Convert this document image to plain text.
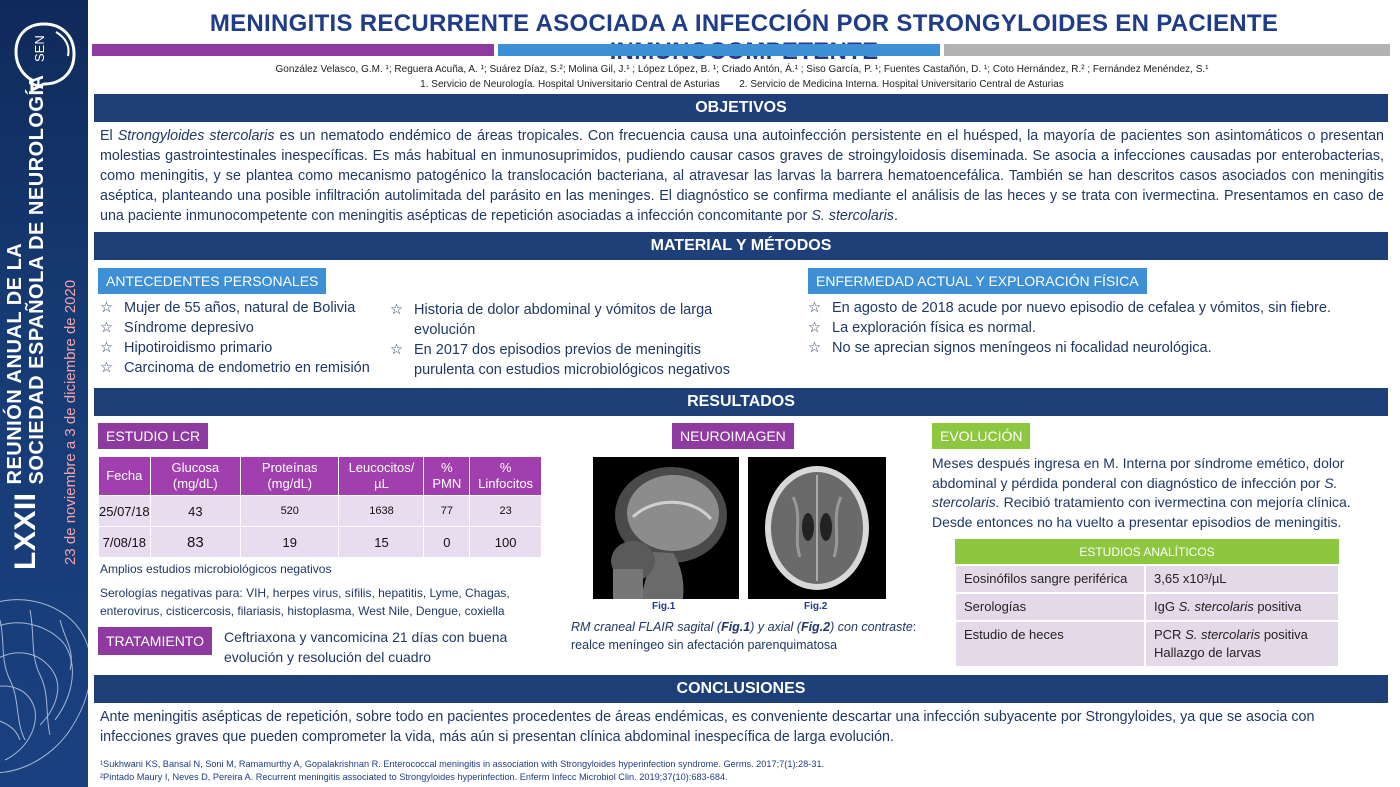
SEN
LXXII
REUNIÓN ANUAL DE LA SOCIEDAD ESPAÑOLA DE NEUROLOGÍA 23 de noviembre a 3 de diciembre de 2020
MENINGITIS RECURRENTE ASOCIADA A INFECCIÓN POR STRONGYLOIDES EN PACIENTE
González Velasco, G.M. ¹; Reguera Acuña, A. ¹; Suárez Díaz, S.²; Molina Gil, J.¹ ; López López, B. ¹; Criado Antón, Á.¹ ; Siso García, P. ¹; Fuentes Castañón, D. ¹; Coto Hernández, R.² ; Fernández Menéndez, S.¹
1. Servicio de Neurología. Hospital Universitario Central de Asturias       2. Servicio de Medicina Interna. Hospital Universitario Central de Asturias
OBJETIVOS

El Strongyloides stercolaris es un nematodo endémico de áreas tropicales. Con frecuencia causa una autoinfección persistente en el huésped, la mayoría de pacientes son asintomáticos o presentan molestias gastrointestinales inespecíficas. Es más habitual en inmunosuprimidos, pudiendo causar casos graves de stroingyloidosis diseminada. Se asocia a infecciones causadas por enterobacterias, como meningitis, y se plantea como mecanismo patogénico la translocación bacteriana, al atravesar las larvas la barrera hematoencefálica. También se han descritos casos asociados con meningitis aséptica, planteando una posible infiltración autolimitada del parásito en las meninges. El diagnóstico se confirma mediante el análisis de las heces y se trata con ivermectina. Presentamos en caso de una paciente inmunocompetente con meningitis asépticas de repetición asociadas a infección concomitante por S. stercolaris.

MATERIAL Y MÉTODOS
ANTECEDENTES PERSONALES
☆ Mujer de 55 años, natural de Bolivia
☆ Síndrome depresivo
☆ Hipotiroidismo primario
☆ Carcinoma de endometrio en remisión
☆ Historia de dolor abdominal y vómitos de larga evolución
☆ En 2017 dos episodios previos de meningitis purulenta con estudios microbiológicos negativos
ENFERMEDAD ACTUAL Y EXPLORACIÓN FÍSICA
☆ En agosto de 2018 acude por nuevo episodio de cefalea y vómitos, sin fiebre.
☆ La exploración física es normal.
☆ No se aprecian signos meníngeos ni focalidad neurológica.
RESULTADOS
ESTUDIO LCR
Fecha	Glucosa (mg/dL)	Proteínas (mg/dL)	Leucocitos/ µL	% PMN	% Linfocitos
25/07/18	43	520	1638	77	23
7/08/18	83	19	15	0	100
Amplios estudios microbiológicos negativos
Serologías negativas para: VIH, herpes virus, sífilis, hepatitis, Lyme, Chagas, enterovirus, cisticercosis, filariasis, histoplasma, West Nile, Dengue, coxiella
TRATAMIENTO	Ceftriaxona y vancomicina 21 días con buena evolución y resolución del cuadro
NEUROIMAGEN
Fig.1	Fig.2
RM craneal FLAIR sagital (Fig.1) y axial (Fig.2) con contraste: realce meníngeo sin afectación parenquimatosa
EVOLUCIÓN

Meses después ingresa en M. Interna por síndrome emético, dolor abdominal y pérdida ponderal con diagnóstico de infección por S. stercolaris. Recibió tratamiento con ivermectina con mejoría clínica. Desde entonces no ha vuelto a presentar episodios de meningitis.

ESTUDIOS ANALÍTICOS	
Eosinófilos sangre periférica	3,65 x10³/µL
Serologías	IgG S. stercolaris positiva
Estudio de heces	PCR S. stercolaris positiva
Hallazgo de larvas
CONCLUSIONES

Ante meningitis asépticas de repetición, sobre todo en pacientes procedentes de áreas endémicas, es conveniente descartar una infección subyacente por Strongyloides, ya que se asocia con infecciones graves que pueden comprometer la vida, más aún si presentan clínica abdominal inespecífica de larga evolución.

¹Sukhwani KS, Bansal N, Soni M, Ramamurthy A, Gopalakrishnan R. Enterococcal meningitis in association with Strongyloides hyperinfection syndrome. Germs. 2017;7(1):28-31.
²Pintado Maury I, Neves D, Pereira A. Recurrent meningitis associated to Strongyloides hyperinfection. Enferm Infecc Microbiol Clin. 2019;37(10):683-684.
